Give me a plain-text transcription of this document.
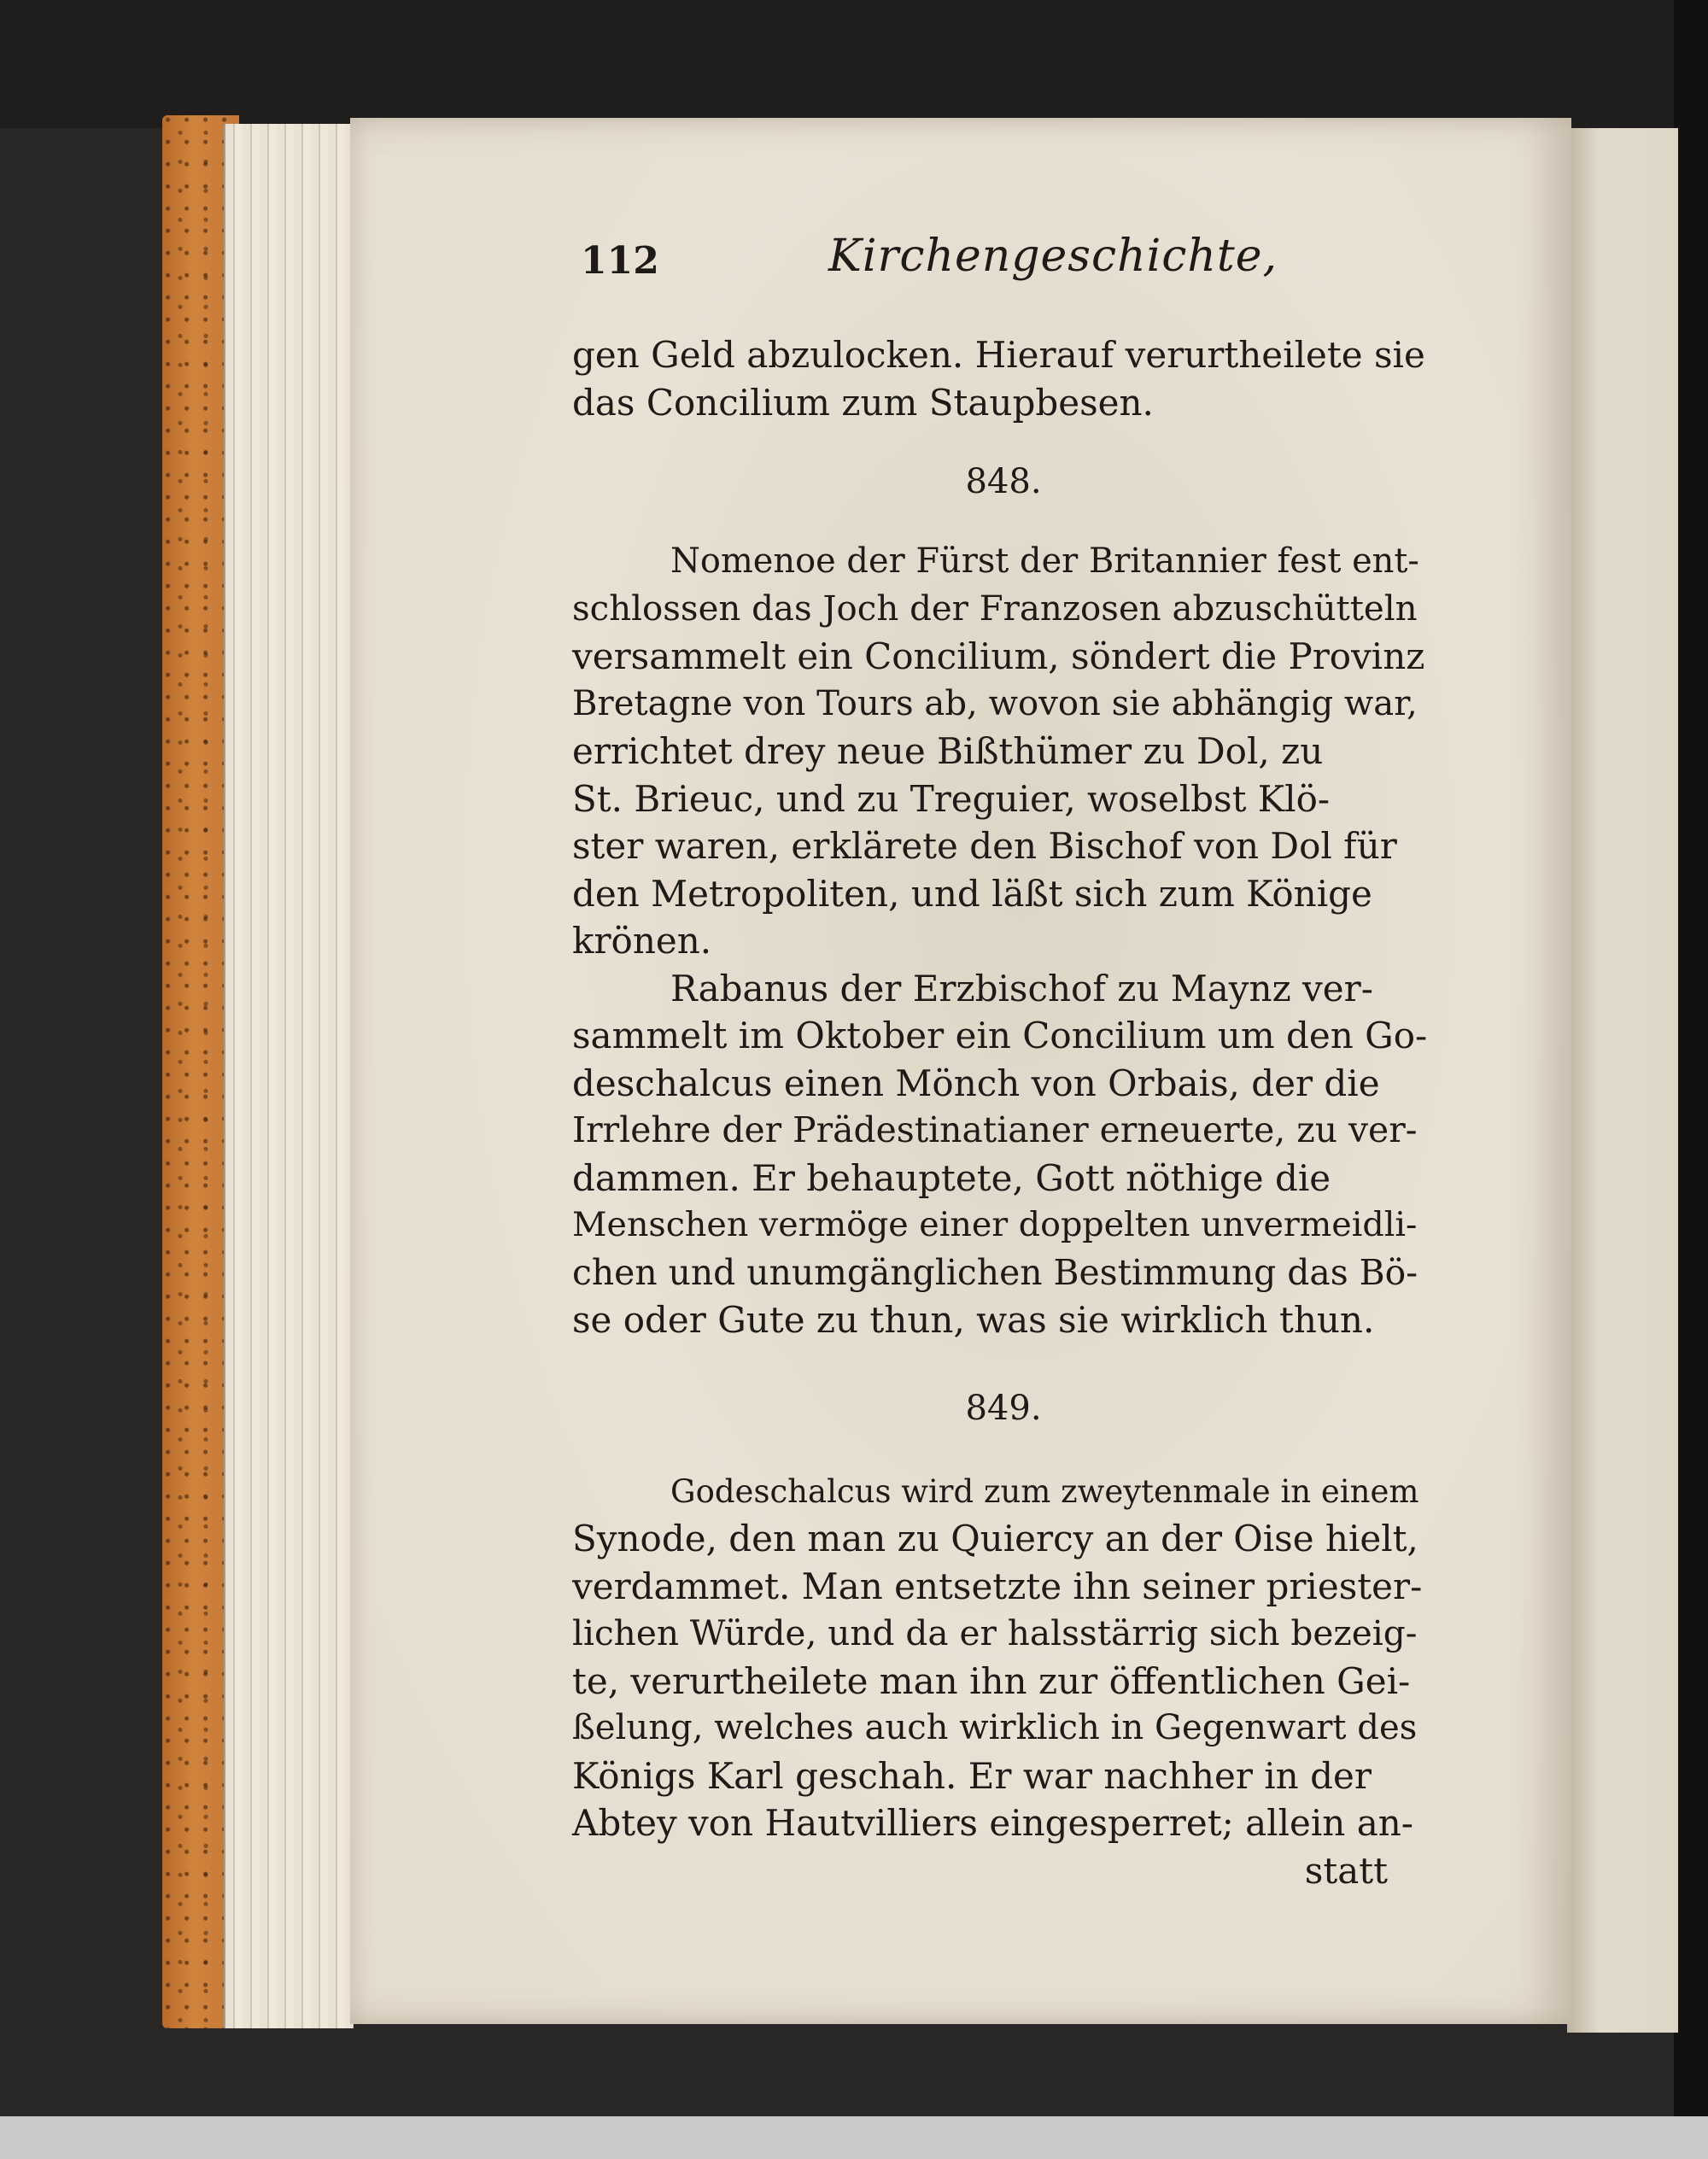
112	Kirchengeschichte,
gen Geld abzulocken. Hierauf verurtheilete sie
das Concilium zum Staupbesen.
848.
Nomenoe der Fürst der Britannier fest ent-
schlossen das Joch der Franzosen abzuschütteln
versammelt ein Concilium, söndert die Provinz
Bretagne von Tours ab, wovon sie abhängig war,
errichtet drey neue Bißthümer zu Dol, zu
St. Brieuc, und zu Treguier, woselbst Klö-
ster waren, erklärete den Bischof von Dol für
den Metropoliten, und läßt sich zum Könige
krönen.
Rabanus der Erzbischof zu Maynz ver-
sammelt im Oktober ein Concilium um den Go-
deschalcus einen Mönch von Orbais, der die
Irrlehre der Prädestinatianer erneuerte, zu ver-
dammen. Er behauptete, Gott nöthige die
Menschen vermöge einer doppelten unvermeidli-
chen und unumgänglichen Bestimmung das Bö-
se oder Gute zu thun, was sie wirklich thun.
849.
Godeschalcus wird zum zweytenmale in einem
Synode, den man zu Quiercy an der Oise hielt,
verdammet. Man entsetzte ihn seiner priester-
lichen Würde, und da er halsstärrig sich bezeig-
te, verurtheilete man ihn zur öffentlichen Gei-
ßelung, welches auch wirklich in Gegenwart des
Königs Karl geschah. Er war nachher in der
Abtey von Hautvilliers eingesperret; allein an-
statt
